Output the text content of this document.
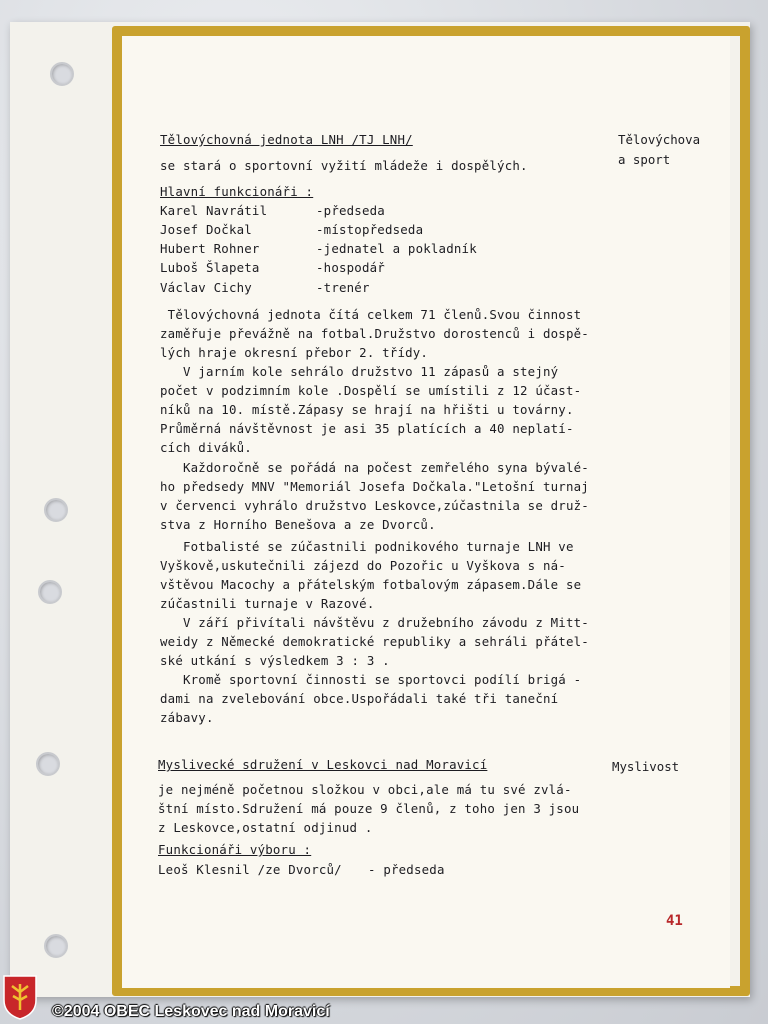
Tělovýchovná jednota LNH /TJ LNH/
se stará o sportovní vyžití mládeže i dospělých.
Hlavní funkcionáři :
Karel Navrátil	-předseda
Josef Dočkal	-místopředseda
Hubert Rohner	-jednatel a pokladník
Luboš Šlapeta	-hospodář
Václav Cichy	-trenér
Tělovýchovná jednota čítá celkem 71 členů.Svou činnost
zaměřuje převážně na fotbal.Družstvo dorostenců i dospě-
lých hraje okresní přebor 2. třídy.
V jarním kole sehrálo družstvo 11 zápasů a stejný
počet v podzimním kole .Dospělí se umístili z 12 účast-
níků na 10. místě.Zápasy se hrají na hřišti u továrny.
Průměrná návštěvnost je asi 35 platících a 40 neplatí-
cích diváků.
Každoročně se pořádá na počest zemřelého syna bývalé-
ho předsedy MNV "Memoriál Josefa Dočkala."Letošní turnaj
v červenci vyhrálo družstvo Leskovce,zúčastnila se druž-
stva z Horního Benešova a ze Dvorců.
Fotbalisté se zúčastnili podnikového turnaje LNH ve
Vyškově,uskutečnili zájezd do Pozořic u Vyškova s ná-
vštěvou Macochy a přátelským fotbalovým zápasem.Dále se
zúčastnili turnaje v Razové.
V září přivítali návštěvu z družebního závodu z Mitt-
weidy z Německé demokratické republiky a sehráli přátel-
ské utkání s výsledkem 3 : 3 .
Kromě sportovní činnosti se sportovci podílí brigá -
dami na zvelebování obce.Uspořádali také tři taneční
zábavy.
Myslivecké sdružení v Leskovci nad Moravicí
je nejméně početnou složkou v obci,ale má tu své zvlá-
štní místo.Sdružení má pouze 9 členů, z toho jen 3 jsou
z Leskovce,ostatní odjinud .
Funkcionáři výboru :
Leoš Klesnil /ze Dvorců/ - předseda
Tělovýchova
a sport
Myslivost
41
©2004 OBEC Leskovec nad Moravicí
